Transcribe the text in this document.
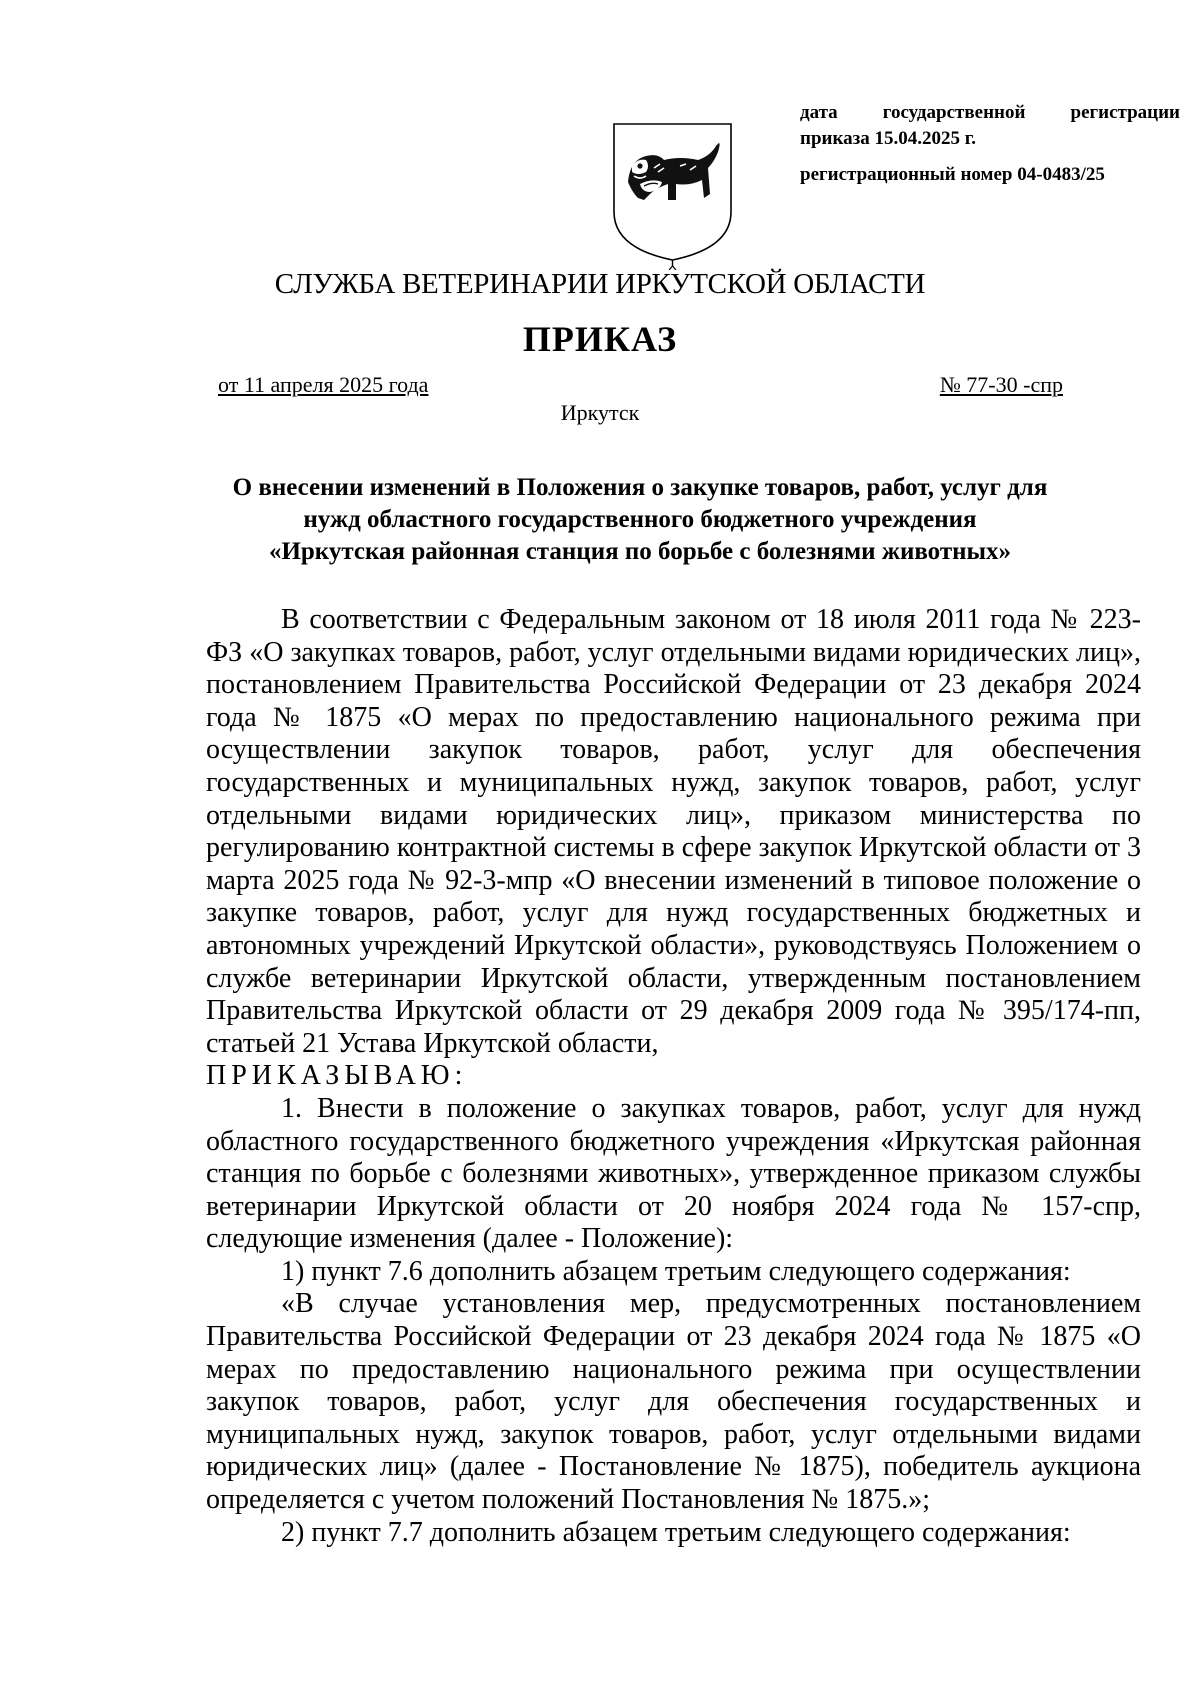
дата государственной регистрации
приказа 15.04.2025 г.
регистрационный номер 04-0483/25
СЛУЖБА ВЕТЕРИНАРИИ ИРКУТСКОЙ ОБЛАСТИ
ПРИКАЗ
от 11 апреля 2025 года	№ 77-30 -спр
Иркутск
О внесении изменений в Положения о закупке товаров, работ, услуг для
нужд областного государственного бюджетного учреждения
«Иркутская районная станция по борьбе с болезнями животных»

В соответствии с Федеральным законом от 18 июля 2011 года № 223-ФЗ «О закупках товаров, работ, услуг отдельными видами юридических лиц», постановлением Правительства Российской Федерации от 23 декабря 2024 года № 1875 «О мерах по предоставлению национального режима при осуществлении закупок товаров, работ, услуг для обеспечения государственных и муниципальных нужд, закупок товаров, работ, услуг отдельными видами юридических лиц», приказом министерства по регулированию контрактной системы в сфере закупок Иркутской области от 3 марта 2025 года № 92-3-мпр «О внесении изменений в типовое положение о закупке товаров, работ, услуг для нужд государственных бюджетных и автономных учреждений Иркутской области», руководствуясь Положением о службе ветеринарии Иркутской области, утвержденным постановлением Правительства Иркутской области от 29 декабря 2009 года № 395/174-пп, статьей 21 Устава Иркутской области,

ПРИКАЗЫВАЮ:

1. Внести в положение о закупках товаров, работ, услуг для нужд областного государственного бюджетного учреждения «Иркутская районная станция по борьбе с болезнями животных», утвержденное приказом службы ветеринарии Иркутской области от 20 ноября 2024 года № 157-спр, следующие изменения (далее - Положение):

1) пункт 7.6 дополнить абзацем третьим следующего содержания:

«В случае установления мер, предусмотренных постановлением Правительства Российской Федерации от 23 декабря 2024 года № 1875 «О мерах по предоставлению национального режима при осуществлении закупок товаров, работ, услуг для обеспечения государственных и муниципальных нужд, закупок товаров, работ, услуг отдельными видами юридических лиц» (далее - Постановление № 1875), победитель аукциона определяется с учетом положений Постановления № 1875.»;

2) пункт 7.7 дополнить абзацем третьим следующего содержания:
